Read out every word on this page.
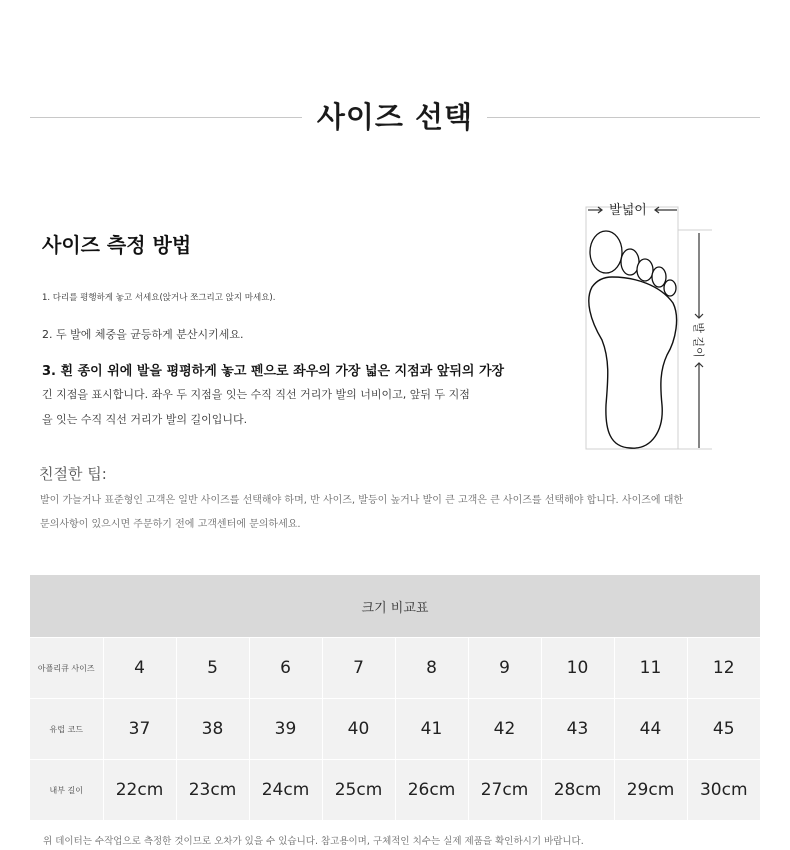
사이즈 선택
사이즈 측정 방법
1. 다리를 평행하게 놓고 서세요(앉거나 쪼그리고 앉지 마세요).
2. 두 발에 체중을 균등하게 분산시키세요.
3. 흰 종이 위에 발을 평평하게 놓고 펜으로 좌우의 가장 넓은 지점과 앞뒤의 가장
긴 지점을 표시합니다. 좌우 두 지점을 잇는 수직 직선 거리가 발의 너비이고, 앞뒤 두 지점
을 잇는 수직 직선 거리가 발의 길이입니다.
발넓이
발 길이
친절한 팁:
발이 가늘거나 표준형인 고객은 일반 사이즈를 선택해야 하며, 반 사이즈, 발등이 높거나 발이 큰 고객은 큰 사이즈를 선택해야 합니다. 사이즈에 대한
문의사항이 있으시면 주문하기 전에 고객센터에 문의하세요.
크기 비교표									
아플리큐 사이즈	4	5	6	7	8	9	10	11	12
유럽 코드	37	38	39	40	41	42	43	44	45
내부 길이	22cm	23cm	24cm	25cm	26cm	27cm	28cm	29cm	30cm
위 데이터는 수작업으로 측정한 것이므로 오차가 있을 수 있습니다. 참고용이며, 구체적인 치수는 실제 제품을 확인하시기 바랍니다.
